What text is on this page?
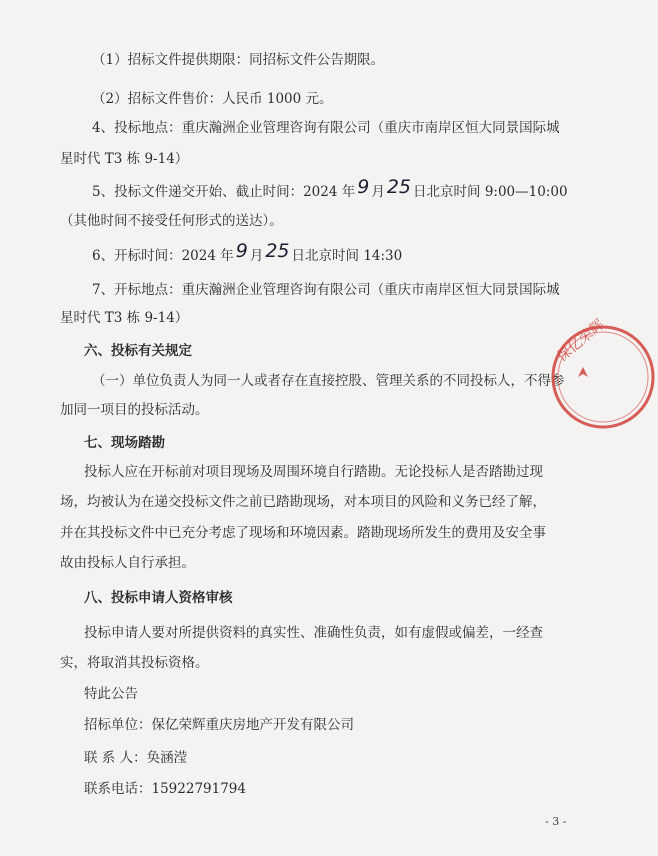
（1）招标文件提供期限：同招标文件公告期限。
（2）招标文件售价：人民币 1000 元。
4、投标地点：重庆瀚洲企业管理咨询有限公司（重庆市南岸区恒大同景国际城
星时代 T3 栋 9-14）
5、投标文件递交开始、截止时间：2024 年 9 月 25 日北京时间 9:00—10:00
（其他时间不接受任何形式的送达）。
6、开标时间：2024 年 9 月 25 日北京时间 14:30
7、开标地点：重庆瀚洲企业管理咨询有限公司（重庆市南岸区恒大同景国际城
星时代 T3 栋 9-14）
六、投标有关规定
（一）单位负责人为同一人或者存在直接控股、管理关系的不同投标人，不得参
加同一项目的投标活动。
七、现场踏勘
投标人应在开标前对项目现场及周围环境自行踏勘。无论投标人是否踏勘过现
场，均被认为在递交投标文件之前已踏勘现场，对本项目的风险和义务已经了解，
并在其投标文件中已充分考虑了现场和环境因素。踏勘现场所发生的费用及安全事
故由投标人自行承担。
八、投标申请人资格审核
投标申请人要对所提供资料的真实性、准确性负责，如有虚假或偏差，一经查
实，将取消其投标资格。
特此公告
招标单位：保亿荣辉重庆房地产开发有限公司
联 系 人：奂涵滢
联系电话：15922791794
保亿荣辉
- 3 -
